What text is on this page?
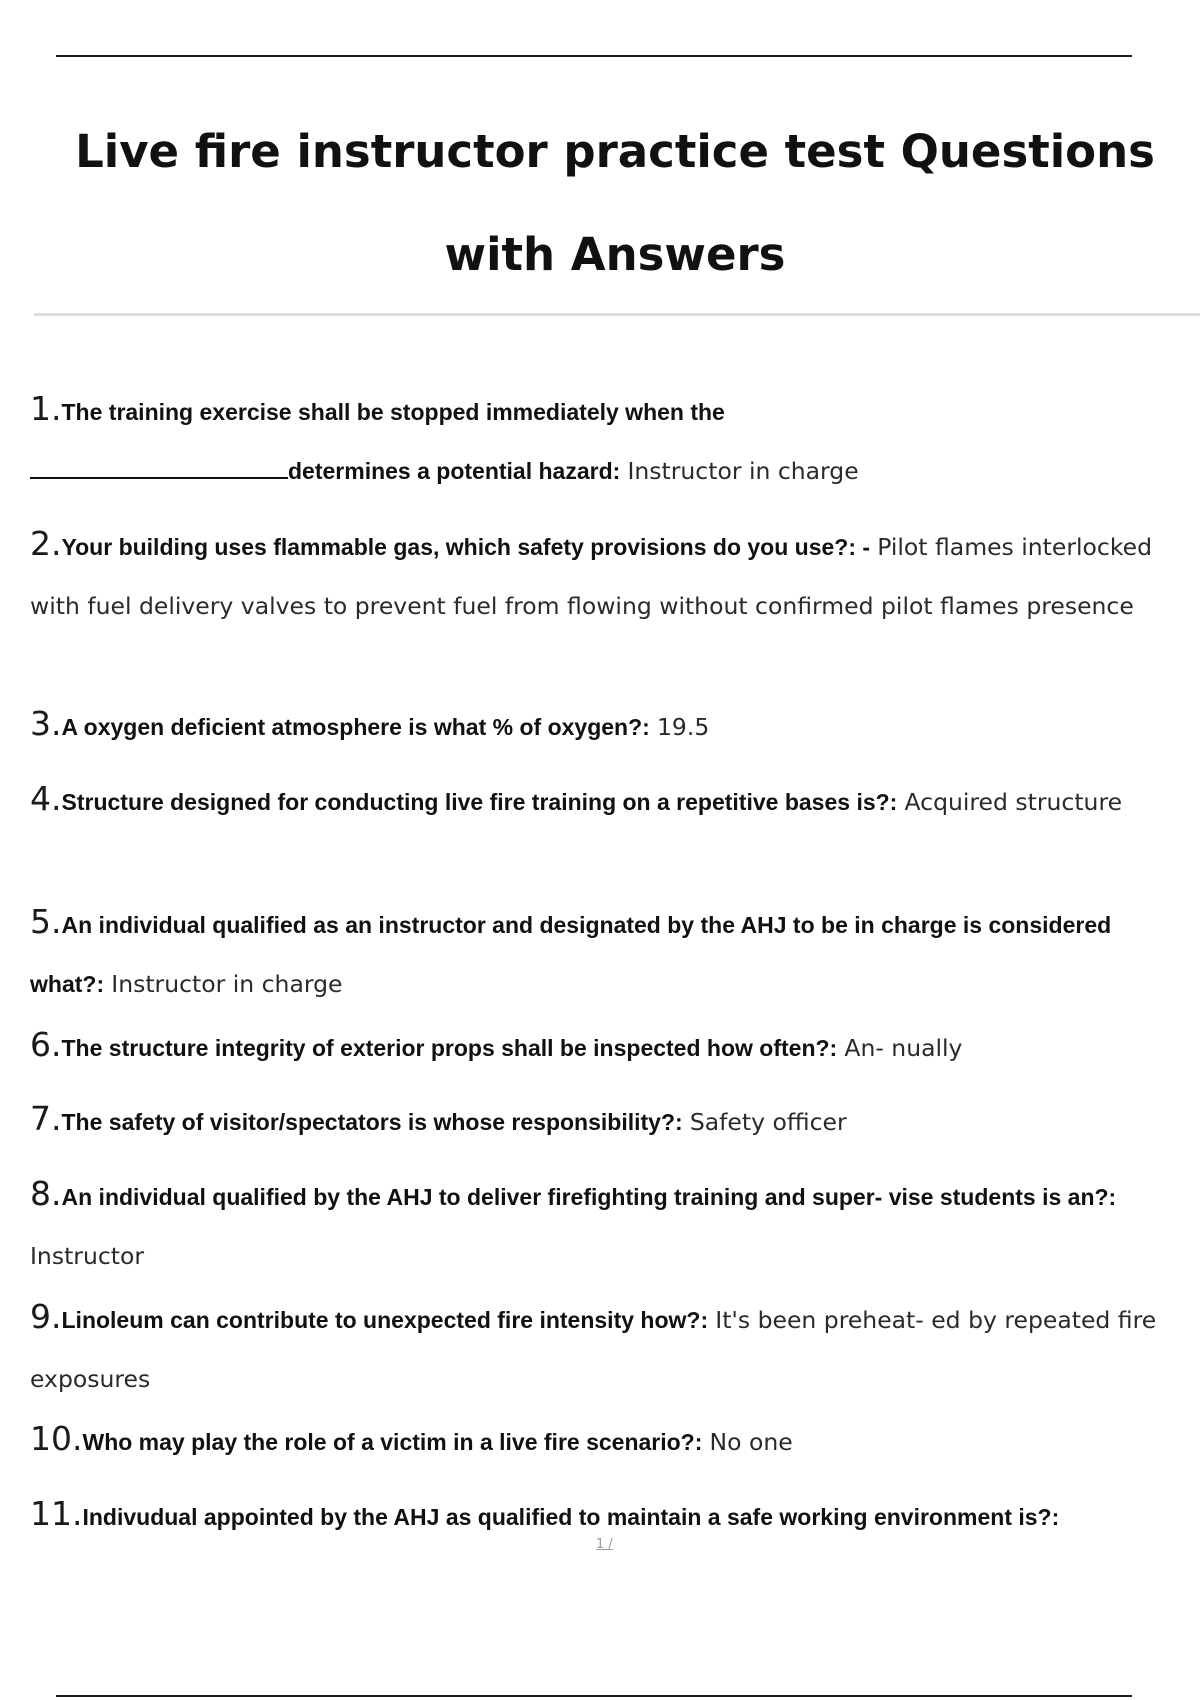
Live fire instructor practice test Questions with Answers

1.The training exercise shall be stopped immediately when the
determines a potential hazard: Instructor in charge

2.Your building uses flammable gas, which safety provisions do you use?: - Pilot flames interlocked with fuel delivery valves to prevent fuel from flowing without confirmed pilot flames presence

3.A oxygen deficient atmosphere is what % of oxygen?: 19.5

4.Structure designed for conducting live fire training on a repetitive bases is?: Acquired structure

5.An individual qualified as an instructor and designated by the AHJ to be in charge is considered what?: Instructor in charge

6.The structure integrity of exterior props shall be inspected how often?: An- nually

7.The safety of visitor/spectators is whose responsibility?: Safety officer

8.An individual qualified by the AHJ to deliver firefighting training and super- vise students is an?: Instructor

9.Linoleum can contribute to unexpected fire intensity how?: It's been preheat- ed by repeated fire exposures

10.Who may play the role of a victim in a live fire scenario?: No one

11.Indivudual appointed by the AHJ as qualified to maintain a safe working environment is?:

1 /
